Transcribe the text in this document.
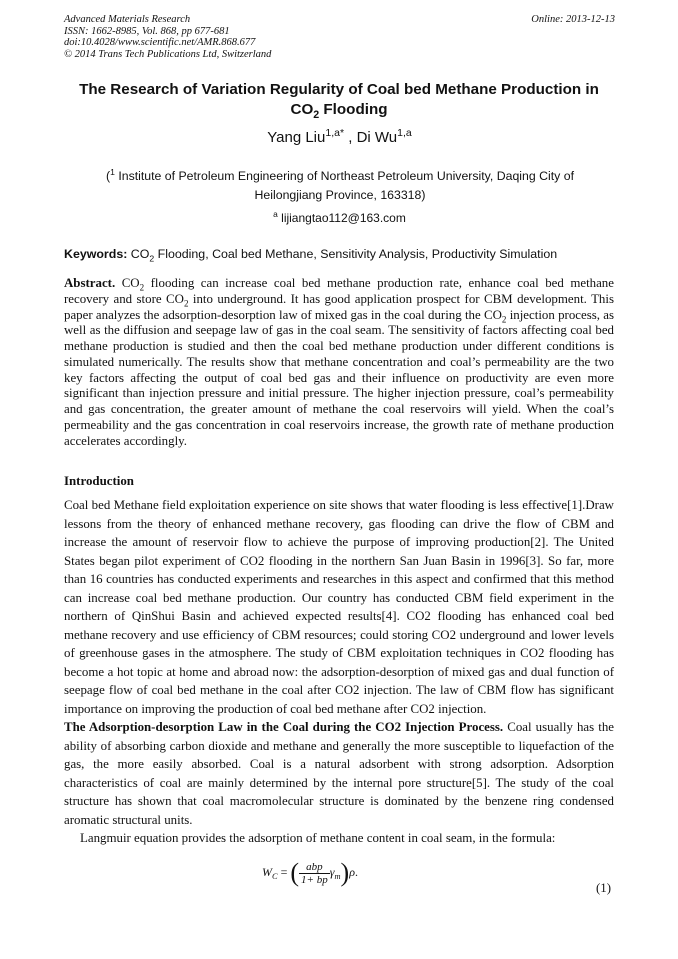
Advanced Materials Research
ISSN: 1662-8985, Vol. 868, pp 677-681
doi:10.4028/www.scientific.net/AMR.868.677
© 2014 Trans Tech Publications Ltd, Switzerland
Online: 2013-12-13
The Research of Variation Regularity of Coal bed Methane Production in
$CO_2$ Flooding
Yang Liu$^{1,a*}$ , Di Wu$^{1,a}$
($^1$ Institute of Petroleum Engineering of Northeast Petroleum University, Daqing City of
Heilongjiang Province, 163318)
$^a$ lijiangtao112@163.com
Keywords: $CO_2$ Flooding, Coal bed Methane, Sensitivity Analysis, Productivity Simulation
Abstract. $CO_2$ flooding can increase coal bed methane production rate, enhance coal bed methane recovery and store $CO_2$ into underground. It has good application prospect for CBM development. This paper analyzes the adsorption-desorption law of mixed gas in the coal during the $CO_2$ injection process, as well as the diffusion and seepage law of gas in the coal seam. The sensitivity of factors affecting coal bed methane production is studied and then the coal bed methane production under different conditions is simulated numerically. The results show that methane concentration and coal’s permeability are the two key factors affecting the output of coal bed gas and their influence on productivity are even more significant than injection pressure and initial pressure. The higher injection pressure, coal’s permeability and gas concentration, the greater amount of methane the coal reservoirs will yield. When the coal’s permeability and the gas concentration in coal reservoirs increase, the growth rate of methane production accelerates accordingly.
Introduction

Coal bed Methane field exploitation experience on site shows that water flooding is less effective[1].Draw lessons from the theory of enhanced methane recovery, gas flooding can drive the flow of CBM and increase the amount of reservoir flow to achieve the purpose of improving production[2]. The United States began pilot experiment of CO2 flooding in the northern San Juan Basin in 1996[3]. So far, more than 16 countries has conducted experiments and researches in this aspect and confirmed that this method can increase coal bed methane production. Our country has conducted CBM field experiment in the northern of QinShui Basin and achieved expected results[4]. CO2 flooding has enhanced coal bed methane recovery and use efficiency of CBM resources; could storing CO2 underground and lower levels of greenhouse gases in the atmosphere. The study of CBM exploitation techniques in CO2 flooding has become a hot topic at home and abroad now: the adsorption-desorption of mixed gas and dual function of seepage flow of coal bed methane in the coal after CO2 injection. The law of CBM flow has significant importance on improving the production of coal bed methane after CO2 injection.

The Adsorption-desorption Law in the Coal during the CO2 Injection Process. Coal usually has the ability of absorbing carbon dioxide and methane and generally the more susceptible to liquefaction of the gas, the more easily absorbed. Coal is a natural adsorbent with strong adsorption. Adsorption characteristics of coal are mainly determined by the internal pore structure[5]. The study of the coal structure has shown that coal macromolecular structure is dominated by the benzene ring condensed aromatic structural units.

Langmuir equation provides the adsorption of methane content in coal seam, in the formula:

$W_C$ = ( $\frac{\text{abp}}{1+ bp} \gamma_m)\rho$.
(1)
